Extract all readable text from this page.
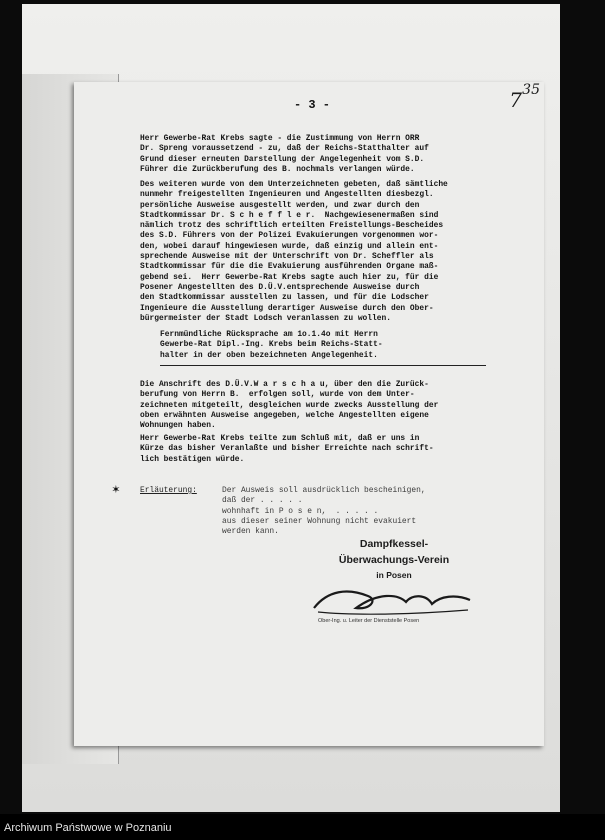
- 3 -	7 35
Herr Gewerbe-Rat Krebs sagte - die Zustimmung von Herrn ORR
Dr. Spreng voraussetzend - zu, daß der Reichs-Statthalter auf
Grund dieser erneuten Darstellung der Angelegenheit vom S.D.
Führer die Zurückberufung des B. nochmals verlangen würde.
Des weiteren wurde von dem Unterzeichneten gebeten, daß sämtliche
nunmehr freigestellten Ingenieuren und Angestellten diesbezgl.
persönliche Ausweise ausgestellt werden, und zwar durch den
Stadtkommissar Dr. S c h e f f l e r.  Nachgewiesenermaßen sind
nämlich trotz des schriftlich erteilten Freistellungs-Bescheides
des S.D. Führers von der Polizei Evakuierungen vorgenommen wor-
den, wobei darauf hingewiesen wurde, daß einzig und allein ent-
sprechende Ausweise mit der Unterschrift von Dr. Scheffler als
Stadtkommissar für die die Evakuierung ausführenden Organe maß-
gebend sei.  Herr Gewerbe-Rat Krebs sagte auch hier zu, für die
Posener Angestellten des D.Ü.V.entsprechende Ausweise durch
den Stadtkommissar ausstellen zu lassen, und für die Lodscher
Ingenieure die Ausstellung derartiger Ausweise durch den Ober-
bürgermeister der Stadt Lodsch veranlassen zu wollen.
Fernmündliche Rücksprache am 1o.1.4o mit Herrn
Gewerbe-Rat Dipl.-Ing. Krebs beim Reichs-Statt-
halter in der oben bezeichneten Angelegenheit.
Die Anschrift des D.Ü.V.W a r s c h a u, über den die Zurück-
berufung von Herrn B.  erfolgen soll, wurde von dem Unter-
zeichneten mitgeteilt, desgleichen wurde zwecks Ausstellung der
oben erwähnten Ausweise angegeben, welche Angestellten eigene
Wohnungen haben.
Herr Gewerbe-Rat Krebs teilte zum Schluß mit, daß er uns in
Kürze das bisher Veranlaßte und bisher Erreichte nach schrift-
lich bestätigen würde.
✶	Erläuterung:	Der Ausweis soll ausdrücklich bescheinigen,
daß der . . . . .
wohnhaft in P o s e n,  . . . . .
aus dieser seiner Wohnung nicht evakuiert
werden kann.
Dampfkessel-
Überwachungs-Verein
in Posen
Ober-Ing. u. Leiter der Dienststelle Posen
Archiwum Państwowe w Poznaniu
